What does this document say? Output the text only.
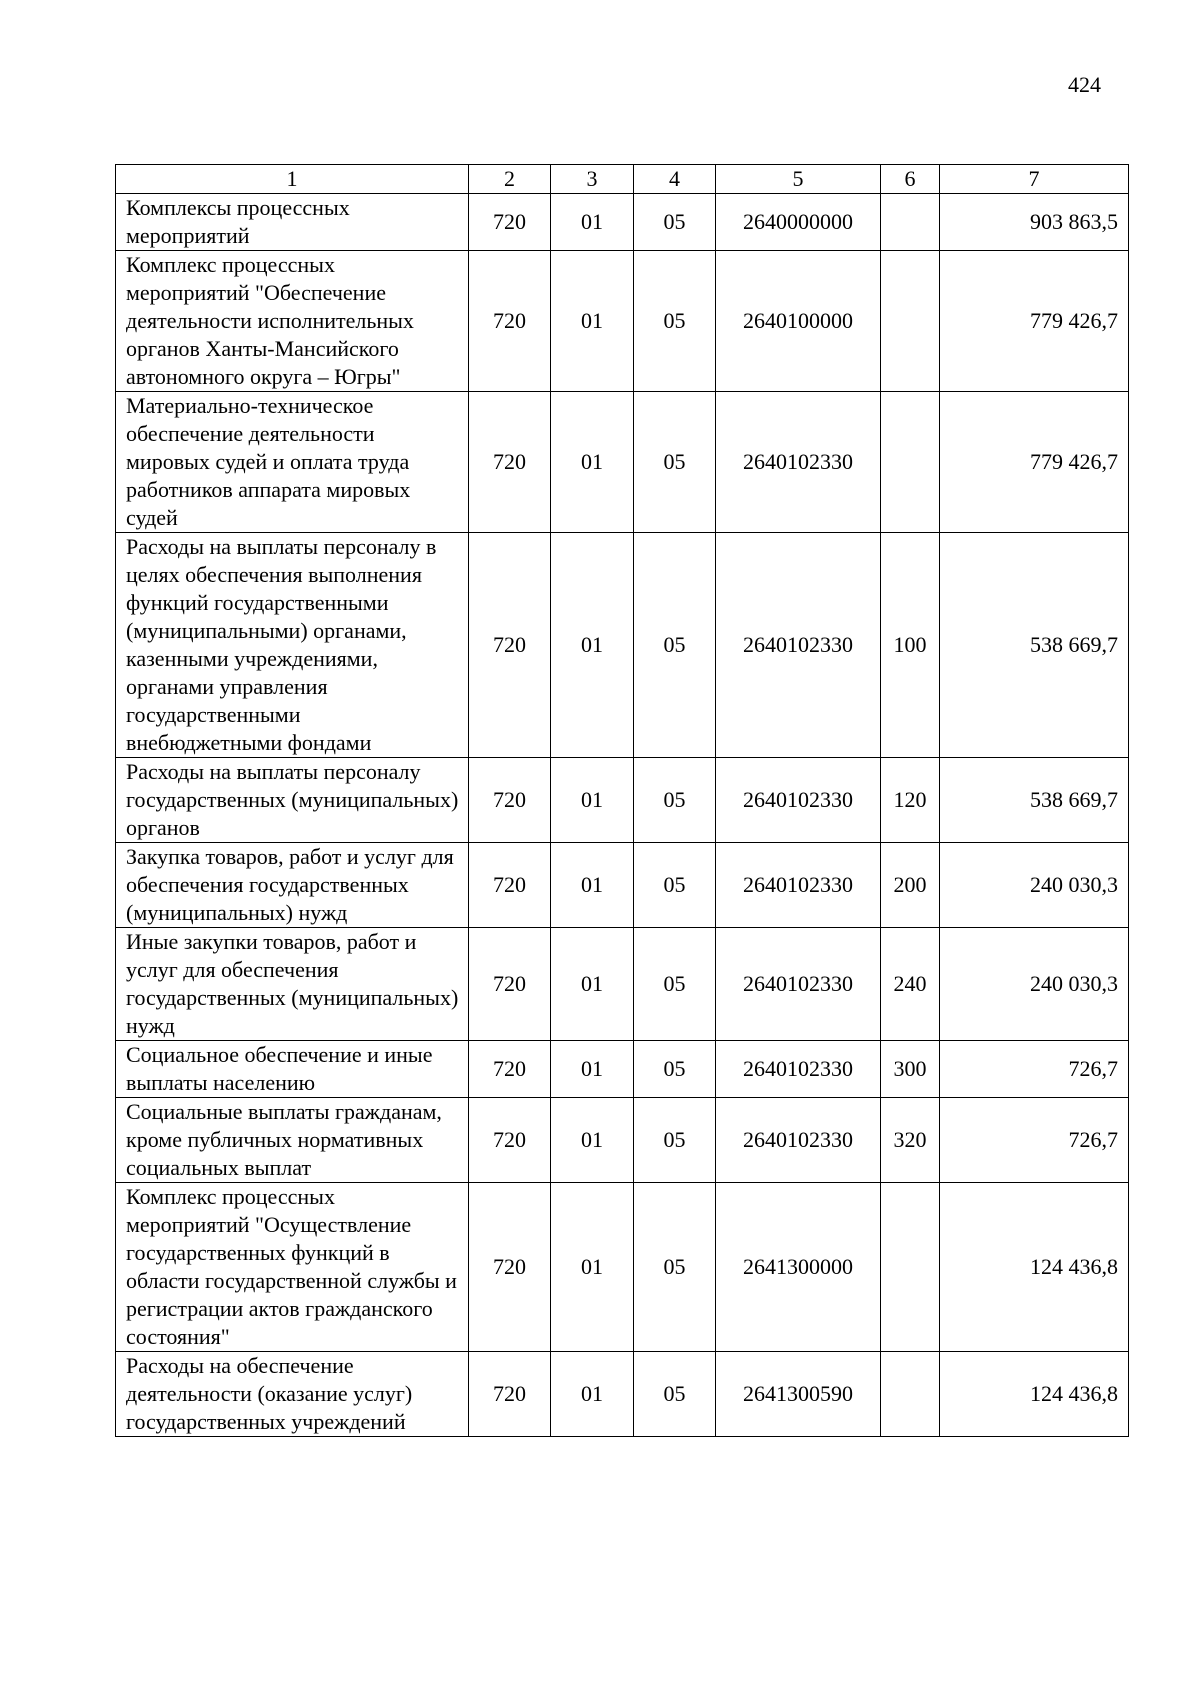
424
1	2	3	4	5	6	7
Комплексы процессных мероприятий	720	01	05	2640000000		903 863,5
Комплекс процессных мероприятий "Обеспечение деятельности исполнительных органов Ханты-Мансийского автономного округа – Югры"	720	01	05	2640100000		779 426,7
Материально-техническое обеспечение деятельности мировых судей и оплата труда работников аппарата мировых судей	720	01	05	2640102330		779 426,7
Расходы на выплаты персоналу в целях обеспечения выполнения функций государственными (муниципальными) органами, казенными учреждениями, органами управления государственными внебюджетными фондами	720	01	05	2640102330	100	538 669,7
Расходы на выплаты персоналу государственных (муниципальных) органов	720	01	05	2640102330	120	538 669,7
Закупка товаров, работ и услуг для обеспечения государственных (муниципальных) нужд	720	01	05	2640102330	200	240 030,3
Иные закупки товаров, работ и услуг для обеспечения государственных (муниципальных) нужд	720	01	05	2640102330	240	240 030,3
Социальное обеспечение и иные выплаты населению	720	01	05	2640102330	300	726,7
Социальные выплаты гражданам, кроме публичных нормативных социальных выплат	720	01	05	2640102330	320	726,7
Комплекс процессных мероприятий "Осуществление государственных функций в области государственной службы и регистрации актов гражданского состояния"	720	01	05	2641300000		124 436,8
Расходы на обеспечение деятельности (оказание услуг) государственных учреждений	720	01	05	2641300590		124 436,8
